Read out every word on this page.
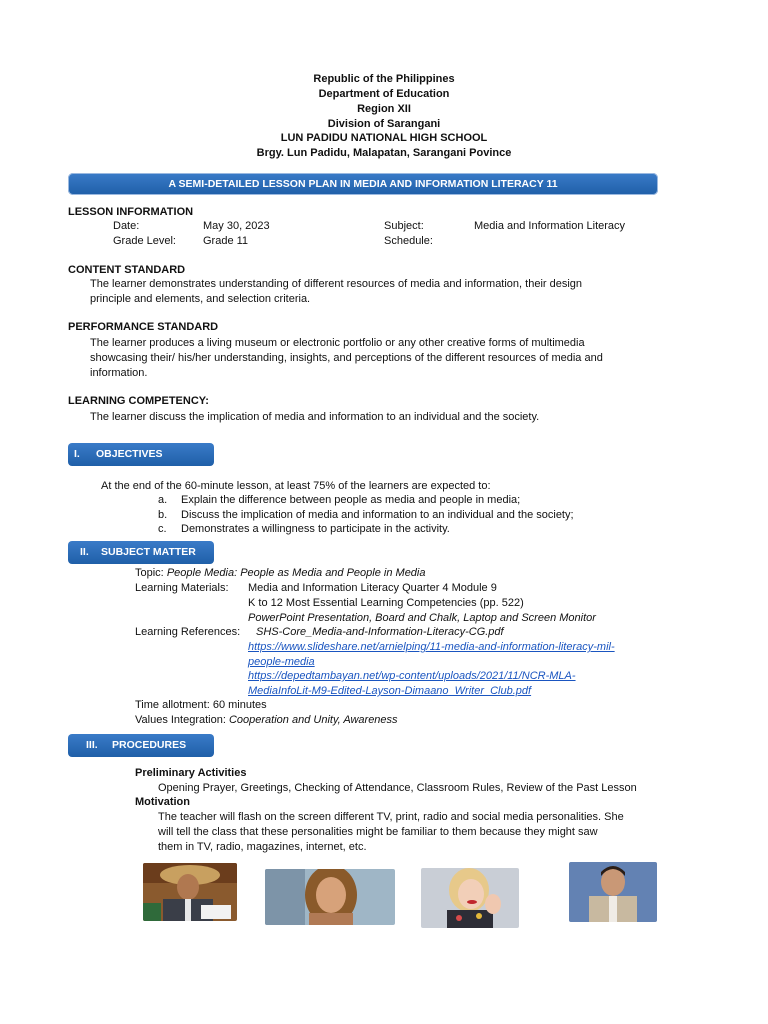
Republic of the Philippines
Department of Education
Region XII
Division of Sarangani
LUN PADIDU NATIONAL HIGH SCHOOL
Brgy. Lun Padidu, Malapatan, Sarangani Povince
A SEMI-DETAILED LESSON PLAN IN MEDIA AND INFORMATION LITERACY 11
LESSON INFORMATION
Date:	May 30, 2023	Subject:	Media and Information Literacy
Grade Level: Grade 11	Schedule:
CONTENT STANDARD
The learner demonstrates understanding of different resources of media and information, their design
principle and elements, and selection criteria.
PERFORMANCE STANDARD
The learner produces a living museum or electronic portfolio or any other creative forms of multimedia
showcasing their/ his/her understanding, insights, and perceptions of the different resources of media and
information.
LEARNING COMPETENCY:
The learner discuss the implication of media and information to an individual and the society.
I. OBJECTIVES
At the end of the 60-minute lesson, at least 75% of the learners are expected to:
a. Explain the difference between people as media and people in media;
b. Discuss the implication of media and information to an individual and the society;
c. Demonstrates a willingness to participate in the activity.
II. SUBJECT MATTER
Topic: People Media: People as Media and People in Media
Learning Materials: Media and Information Literacy Quarter 4 Module 9
K to 12 Most Essential Learning Competencies (pp. 522)
PowerPoint Presentation, Board and Chalk, Laptop and Screen Monitor
Learning References: SHS-Core_Media-and-Information-Literacy-CG.pdf
https://www.slideshare.net/arnielping/11-media-and-information-literacy-mil-
people-media
https://depedtambayan.net/wp-content/uploads/2021/11/NCR-MLA-
MediaInfoLit-M9-Edited-Layson-Dimaano_Writer_Club.pdf
Time allotment: 60 minutes
Values Integration: Cooperation and Unity, Awareness
III. PROCEDURES
Preliminary Activities
Opening Prayer, Greetings, Checking of Attendance, Classroom Rules, Review of the Past Lesson
Motivation
The teacher will flash on the screen different TV, print, radio and social media personalities. She
will tell the class that these personalities might be familiar to them because they might saw
them in TV, radio, magazines, internet, etc.
